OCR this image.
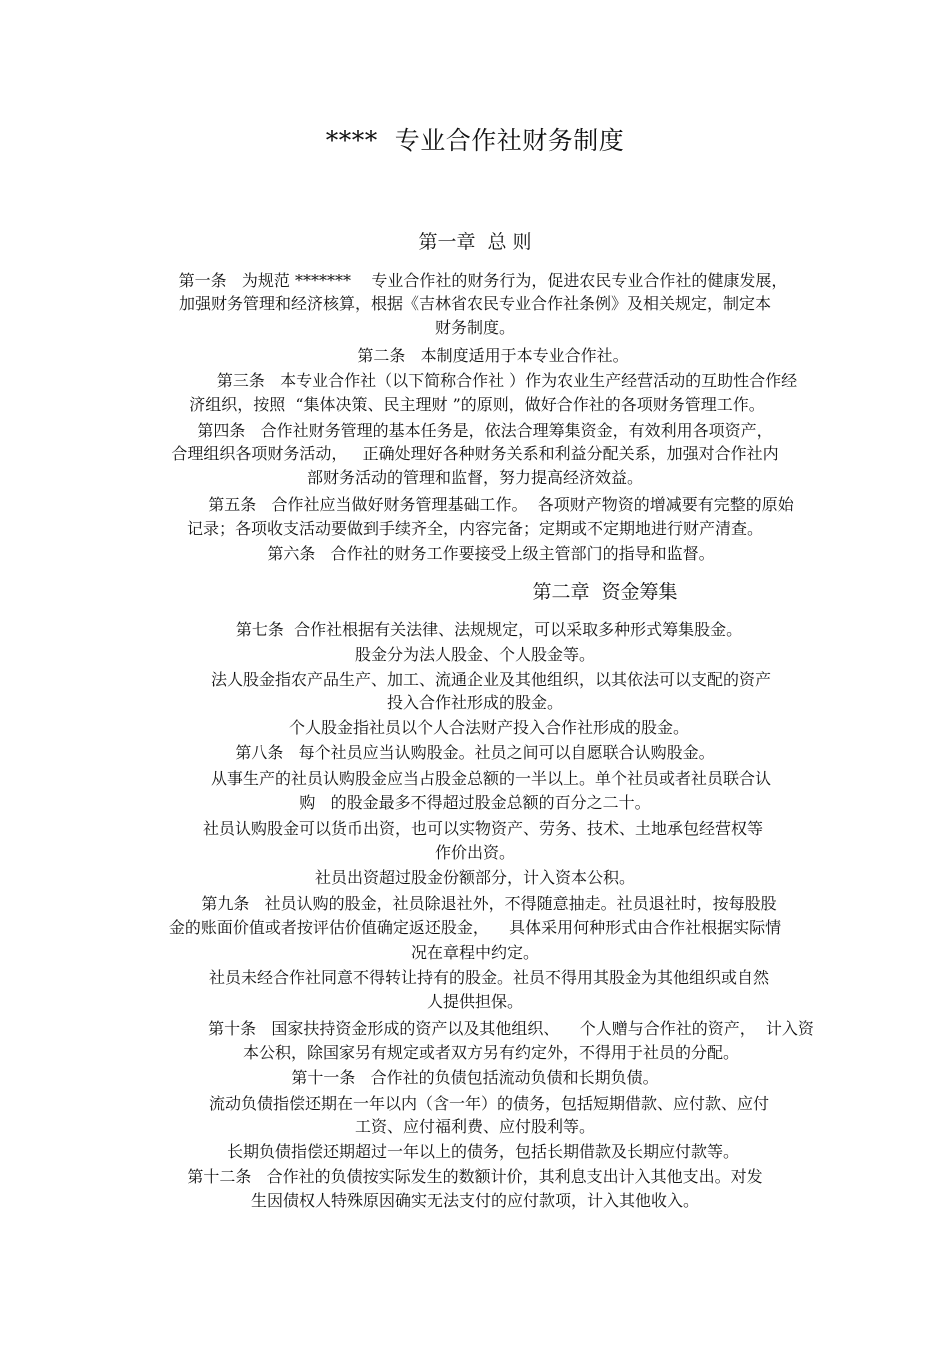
****  专业合作社财务制度
第一章  总 则
第一条   为规范 *******    专业合作社的财务行为，促进农民专业合作社的健康发展，
加强财务管理和经济核算，根据《吉林省农民专业合作社条例》及相关规定，制定本
财务制度。
第二条   本制度适用于本专业合作社。
第三条   本专业合作社（以下简称合作社 ）作为农业生产经营活动的互助性合作经
济组织，按照  “集体决策、民主理财 ”的原则，做好合作社的各项财务管理工作。
第四条   合作社财务管理的基本任务是，依法合理筹集资金，有效利用各项资产，
合理组织各项财务活动，   正确处理好各种财务关系和利益分配关系，加强对合作社内
部财务活动的管理和监督，努力提高经济效益。
第五条   合作社应当做好财务管理基础工作。  各项财产物资的增减要有完整的原始
记录；各项收支活动要做到手续齐全，内容完备；定期或不定期地进行财产清查。
第六条   合作社的财务工作要接受上级主管部门的指导和监督。
第二章  资金筹集
第七条  合作社根据有关法律、法规规定，可以采取多种形式筹集股金。
股金分为法人股金、个人股金等。
法人股金指农产品生产、加工、流通企业及其他组织，以其依法可以支配的资产
投入合作社形成的股金。
个人股金指社员以个人合法财产投入合作社形成的股金。
第八条   每个社员应当认购股金。社员之间可以自愿联合认购股金。
从事生产的社员认购股金应当占股金总额的一半以上。单个社员或者社员联合认
购   的股金最多不得超过股金总额的百分之二十。
社员认购股金可以货币出资，也可以实物资产、劳务、技术、土地承包经营权等
作价出资。
社员出资超过股金份额部分，计入资本公积。
第九条   社员认购的股金，社员除退社外，不得随意抽走。社员退社时，按每股股
金的账面价值或者按评估价值确定返还股金，    具体采用何种形式由合作社根据实际情
况在章程中约定。
社员未经合作社同意不得转让持有的股金。社员不得用其股金为其他组织或自然
人提供担保。
第十条   国家扶持资金形成的资产以及其他组织、    个人赠与合作社的资产，  计入资
本公积，除国家另有规定或者双方另有约定外，不得用于社员的分配。
第十一条   合作社的负债包括流动负债和长期负债。
流动负债指偿还期在一年以内（含一年）的债务，包括短期借款、应付款、应付
工资、应付福利费、应付股利等。
长期负债指偿还期超过一年以上的债务，包括长期借款及长期应付款等。
第十二条   合作社的负债按实际发生的数额计价，其利息支出计入其他支出。对发
生因债权人特殊原因确实无法支付的应付款项，计入其他收入。
